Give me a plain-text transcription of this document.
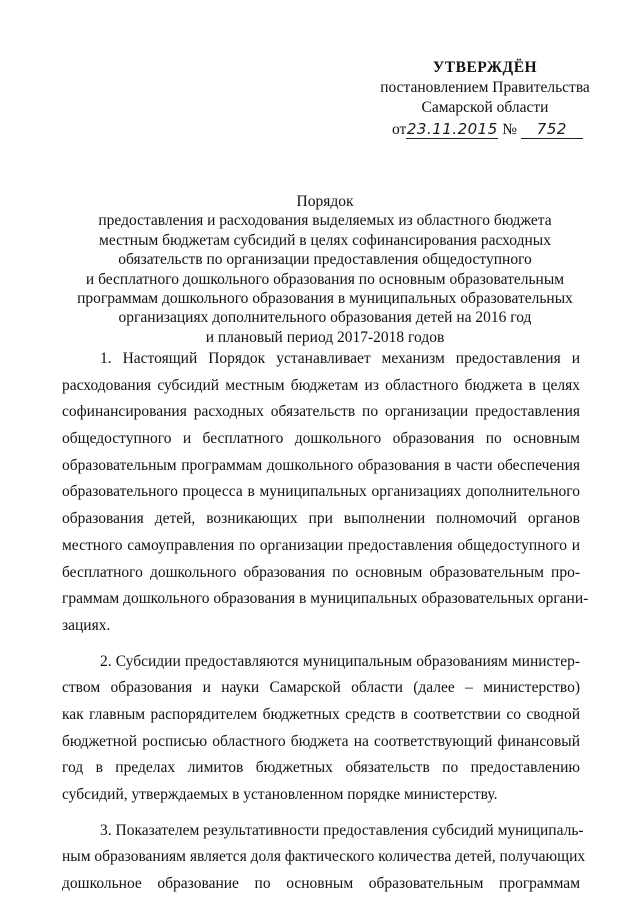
УТВЕРЖДЁН
постановлением Правительства
Самарской области
от23.11.2015 № 752
Порядок
предоставления и расходования выделяемых из областного бюджета
местным бюджетам субсидий в целях софинансирования расходных
обязательств по организации предоставления общедоступного
и бесплатного дошкольного образования по основным образовательным
программам дошкольного образования в муниципальных образовательных
организациях дополнительного образования детей на 2016 год
и плановый период 2017-2018 годов
1. Настоящий Порядок устанавливает механизм предоставления и
расходования субсидий местным бюджетам из областного бюджета в целях
софинансирования расходных обязательств по организации предоставления
общедоступного и бесплатного дошкольного образования по основным
образовательным программам дошкольного образования в части обеспечения
образовательного процесса в муниципальных организациях дополнительного
образования детей, возникающих при выполнении полномочий органов
местного самоуправления по организации предоставления общедоступного и
бесплатного дошкольного образования по основным образовательным про-
граммам дошкольного образования в муниципальных образовательных органи-
зациях.
2. Субсидии предоставляются муниципальным образованиям министер-
ством образования и науки Самарской области (далее – министерство)
как главным распорядителем бюджетных средств в соответствии со сводной
бюджетной росписью областного бюджета на соответствующий финансовый
год в пределах лимитов бюджетных обязательств по предоставлению
субсидий, утверждаемых в установленном порядке министерству.
3. Показателем результативности предоставления субсидий муниципаль-
ным образованиям является доля фактического количества детей, получающих
дошкольное образование по основным образовательным программам
